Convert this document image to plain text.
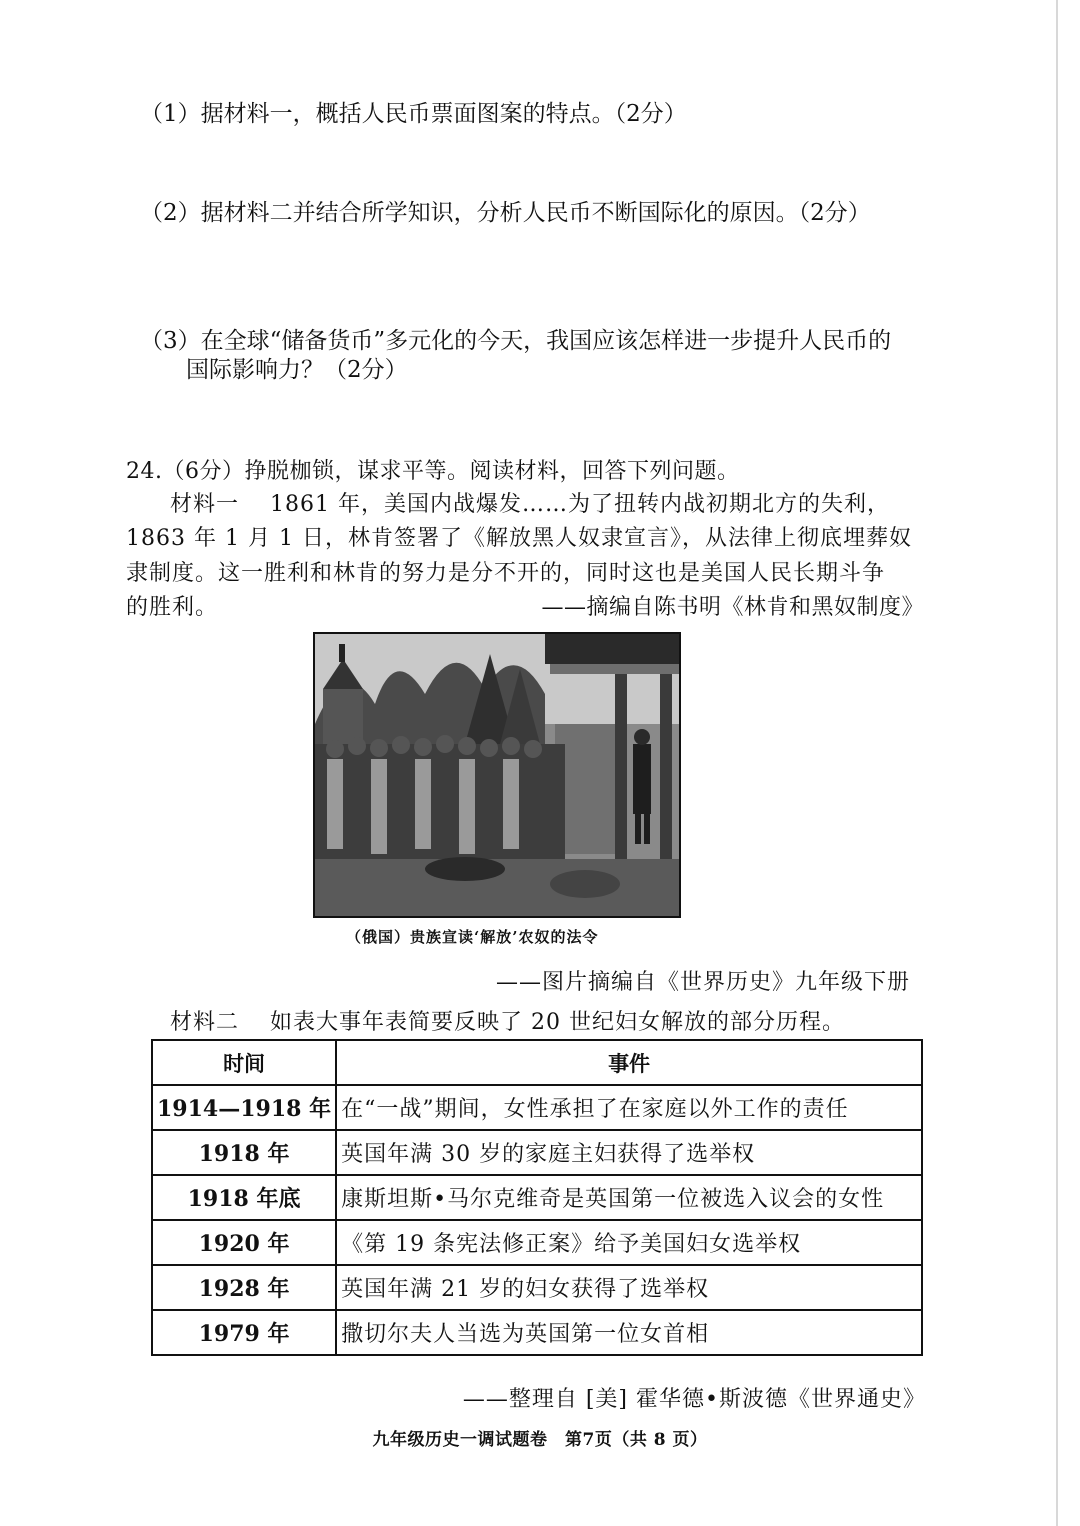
（1）据材料一，概括人民币票面图案的特点。（2分）
（2）据材料二并结合所学知识，分析人民币不断国际化的原因。（2分）
（3）在全球“储备货币”多元化的今天，我国应该怎样进一步提升人民币的
国际影响力？（2分）
24.（6分）挣脱枷锁，谋求平等。阅读材料，回答下列问题。
材料一　 1861 年，美国内战爆发……为了扭转内战初期北方的失利，
1863 年 1 月 1 日，林肯签署了《解放黑人奴隶宣言》，从法律上彻底埋葬奴
隶制度。这一胜利和林肯的努力是分不开的，同时这也是美国人民长期斗争
的胜利。	——摘编自陈书明《林肯和黑奴制度》
（俄国）贵族宣读‘解放’农奴的法令
——图片摘编自《世界历史》九年级下册
材料二　 如表大事年表简要反映了 20 世纪妇女解放的部分历程。
时间	事件
1914—1918 年	在“一战”期间，女性承担了在家庭以外工作的责任
1918 年	英国年满 30 岁的家庭主妇获得了选举权
1918 年底	康斯坦斯•马尔克维奇是英国第一位被选入议会的女性
1920 年	《第 19 条宪法修正案》给予美国妇女选举权
1928 年	英国年满 21 岁的妇女获得了选举权
1979 年	撒切尔夫人当选为英国第一位女首相
——整理自 [美] 霍华德•斯波德《世界通史》
九年级历史一调试题卷　第7页（共 8 页）
